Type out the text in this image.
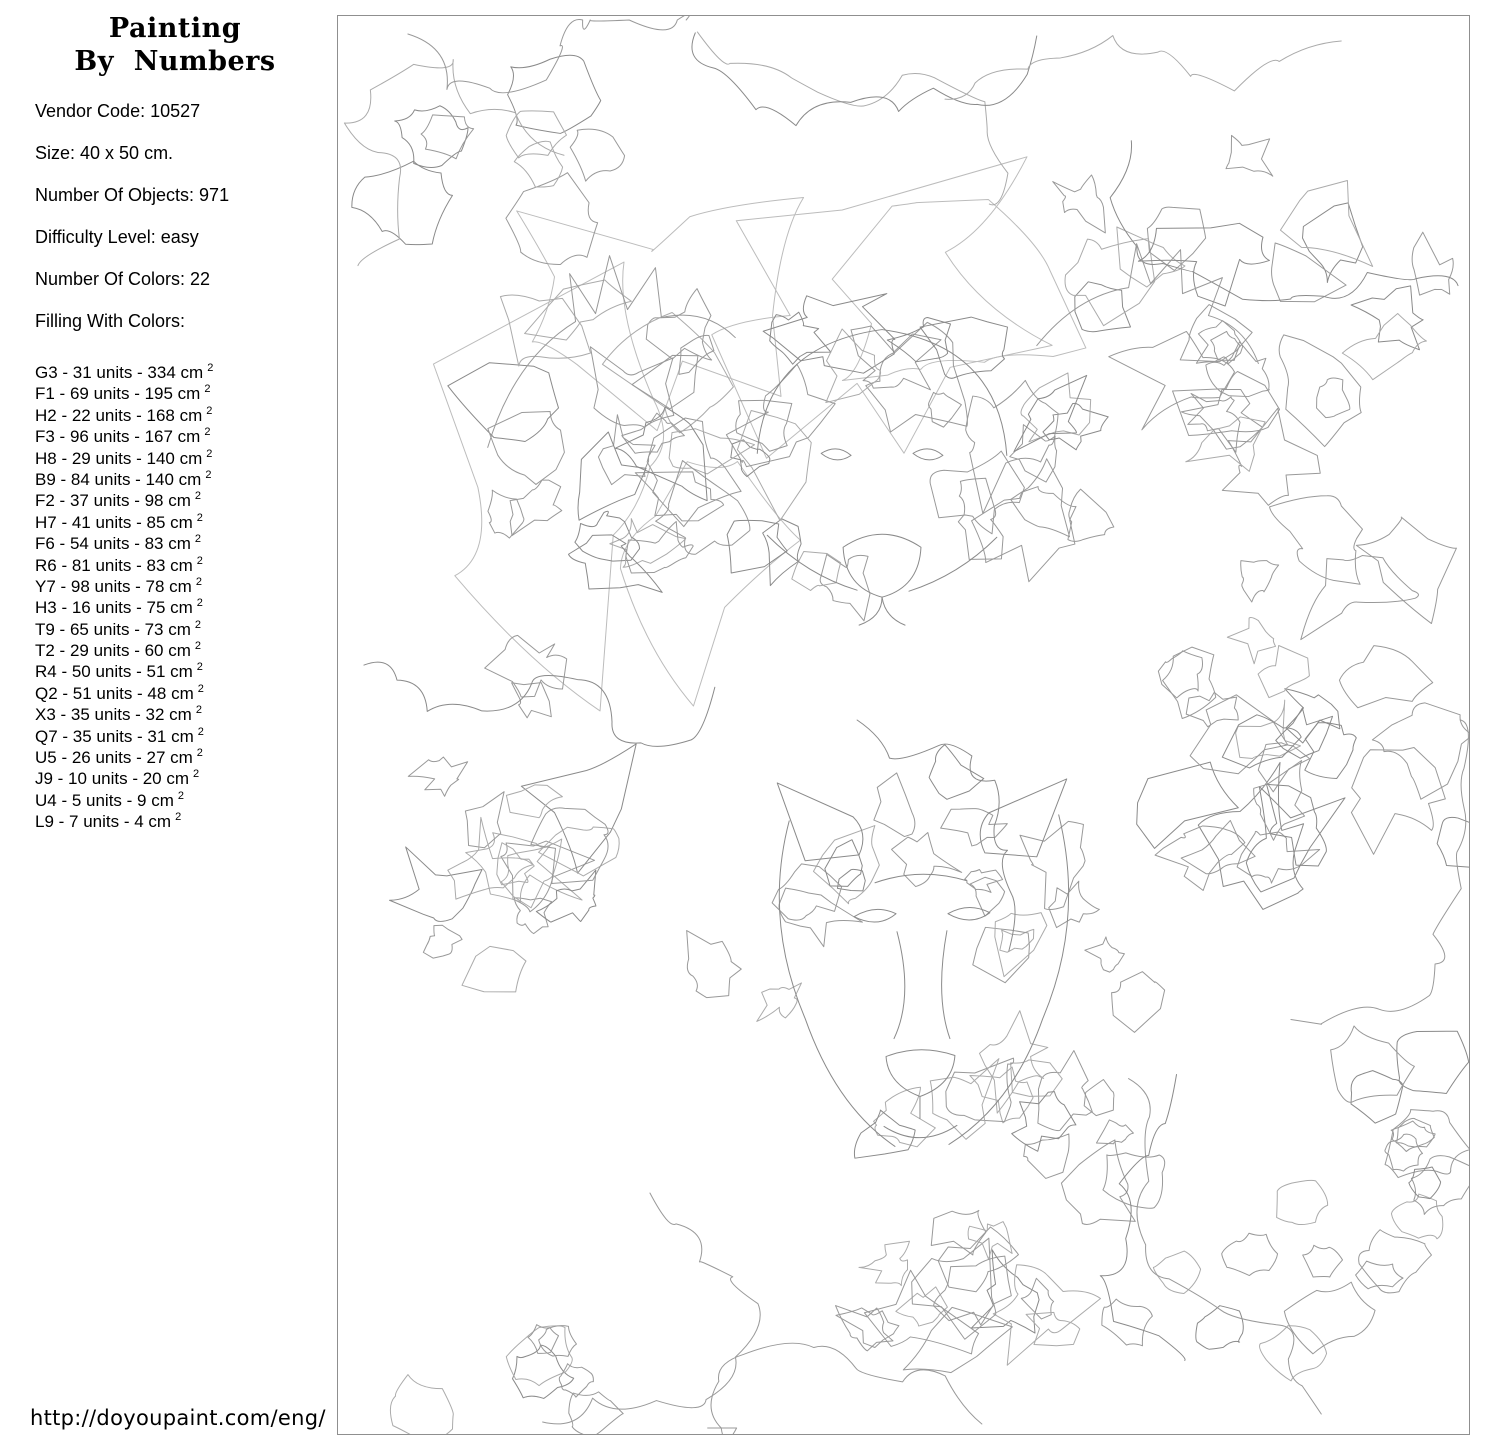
Painting
By  Numbers

Vendor Code: 10527

Size: 40 x 50 cm.

Number Of Objects: 971

Difficulty Level: easy

Number Of Colors: 22

Filling With Colors:

G3 - 31 units - 334 cm $^2$
F1 - 69 units - 195 cm $^2$
H2 - 22 units - 168 cm $^2$
F3 - 96 units - 167 cm $^2$
H8 - 29 units - 140 cm $^2$
B9 - 84 units - 140 cm $^2$
F2 - 37 units - 98 cm $^2$
H7 - 41 units - 85 cm $^2$
F6 - 54 units - 83 cm $^2$
R6 - 81 units - 83 cm $^2$
Y7 - 98 units - 78 cm $^2$
H3 - 16 units - 75 cm $^2$
T9 - 65 units - 73 cm $^2$
T2 - 29 units - 60 cm $^2$
R4 - 50 units - 51 cm $^2$
Q2 - 51 units - 48 cm $^2$
X3 - 35 units - 32 cm $^2$
Q7 - 35 units - 31 cm $^2$
U5 - 26 units - 27 cm $^2$
J9 - 10 units - 20 cm $^2$
U4 - 5 units - 9 cm $^2$
L9 - 7 units - 4 cm $^2$
http://doyoupaint.com/eng/
